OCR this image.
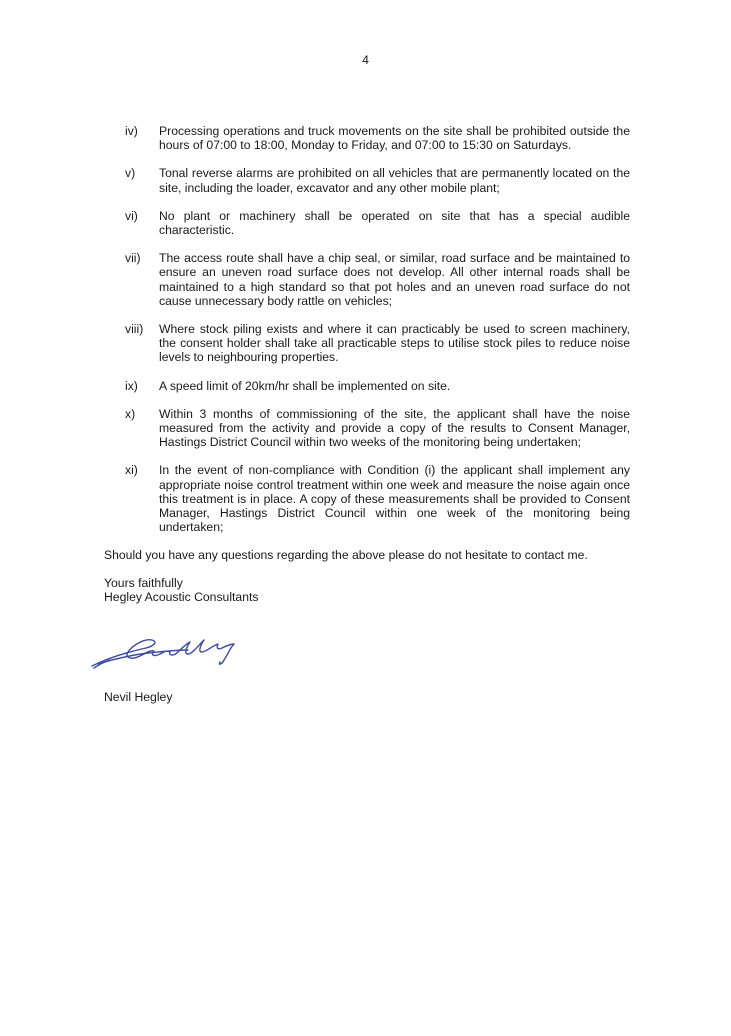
4
iv)	Processing operations and truck movements on the site shall be prohibited outside the hours of 07:00 to 18:00, Monday to Friday, and 07:00 to 15:30 on Saturdays.
v)	Tonal reverse alarms are prohibited on all vehicles that are permanently located on the site, including the loader, excavator and any other mobile plant;
vi)	No plant or machinery shall be operated on site that has a special audible characteristic.
vii)	The access route shall have a chip seal, or similar, road surface and be maintained to ensure an uneven road surface does not develop. All other internal roads shall be maintained to a high standard so that pot holes and an uneven road surface do not cause unnecessary body rattle on vehicles;
viii)	Where stock piling exists and where it can practicably be used to screen machinery, the consent holder shall take all practicable steps to utilise stock piles to reduce noise levels to neighbouring properties.
ix)	A speed limit of 20km/hr shall be implemented on site.
x)	Within 3 months of commissioning of the site, the applicant shall have the noise measured from the activity and provide a copy of the results to Consent Manager, Hastings District Council within two weeks of the monitoring being undertaken;
xi)	In the event of non-compliance with Condition (i) the applicant shall implement any appropriate noise control treatment within one week and measure the noise again once this treatment is in place. A copy of these measurements shall be provided to Consent Manager, Hastings District Council within one week of the monitoring being undertaken;
Should you have any questions regarding the above please do not hesitate to contact me.
Yours faithfully
Hegley Acoustic Consultants
Nevil Hegley
